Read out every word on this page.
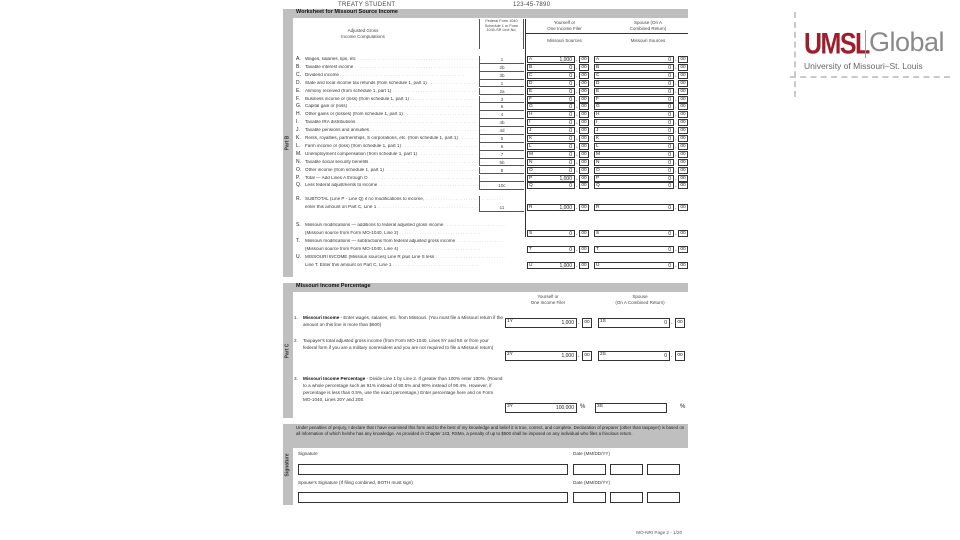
TREATY STUDENT	123-45-7890
Part B
Worksheet for Missouri Source Income
Adjusted Gross
Income Computations
Federal Form 1040 Schedule 1 or Form 1040-SR Line No.
Yourself or
One Income Filer
Spouse (On A
Combined Return)
Missouri Sources	Missouri Sources
A. Wages, salaries, tips, etc . . .	1	A	1,000 . 00	A	0 . 00
B. Taxable interest income . . .	2b	B	0 . 00	B	0 . 00
C. Dividend income . . .	3b	C	0 . 00	C	0 . 00
D. State and local income tax refunds (from schedule 1, part 1) . . .	1	D	0 . 00	D	0 . 00
E. Alimony received (from schedule 1, part 1) . . .	2a	E	0 . 00	E	0 . 00
F. Business income or (loss) (from schedule 1, part 1) . . .	3	F	0 . 00	F	0 . 00
G. Capital gain or (loss) . . .	6	G	0 . 00	G	0 . 00
H. Other gains or (losses) (from schedule 1, part 1) . . .	4	H	0 . 00	H	0 . 00
I. Taxable IRA distributions . . .	4b	I	0 . 00	I	0 . 00
J. Taxable pensions and annuities . . .	4d	J	0 . 00	J	0 . 00
K. Rents, royalties, partnerships, S corporations, etc. (from schedule 1, part 1) . . .	5	K	0 . 00	K	0 . 00
L. Farm income or (loss) (from schedule 1, part 1) . . .	6	L	0 . 00	L	0 . 00
M. Unemployment compensation (from schedule 1, part 1) . . .	7	M	0 . 00	M	0 . 00
N. Taxable social security benefits . . .	5b	N	0 . 00	N	0 . 00
O. Other income (from schedule 1, part 1) . . .	8	O	0 . 00	O	0 . 00
P. Total — Add Lines A through O . . .	P	1,000 . 00	P	0 . 00
Q. Less federal adjustments to income . . .	10c	Q	0 . 00	Q	0 . 00
R. SUBTOTAL (Line P - Line Q) if no modifications to income, . . .
enter this amount on Part C, Line 1 . . .	11	R	1,000 . 00	R	0 . 00
S. Missouri modifications — additions to federal adjusted gross income . . .
(Missouri source from Form MO-1040, Line 2) . . .	S	0 . 00	S	0 . 00
T. Missouri modifications — subtractions from federal adjusted gross income . . .
(Missouri source from Form MO-1040, Line 4) . . .	T	0 . 00	T	0 . 00
U. MISSOURI INCOME (Missouri sources) Line R plus Line S less . . .
Line T. Enter this amount on Part C, Line 1 . . .	U	1,000 . 00	U	0 . 00
Part C
Missouri Income Percentage
Yourself or
One Income Filer
Spouse
(On A Combined Return)
1. Missouri Income - Enter wages, salaries, etc. from Missouri. (You must file a Missouri return if the amount on this line is more than $600)
1Y	1,000 . 00	1S	0 . 00
2. Taxpayer's total adjusted gross income (from Form MO-1040, Lines 5Y and 5S or from your federal form if you are a military nonresident and you are not required to file a Missouri return)
2Y	1,000 . 00	2S	0 . 00
3. Missouri Income Percentage - Divide Line 1 by Line 2. If greater than 100% enter 100%. (Round to a whole percentage such as 91% instead of 90.5% and 90% instead of 90.4%. However, if percentage is less than 0.5%, use the exact percentage.) Enter percentage here and on Form MO-1040, Lines 20Y and 20S
3Y	100.000 % 3S	%
Signature
Under penalties of perjury, I declare that I have examined this form and to the best of my knowledge and belief it is true, correct, and complete. Declaration of preparer (other than taxpayer) is based on all information of which he/she has any knowledge. As provided in Chapter 143, RSMo, a penalty of up to $500 shall be imposed on any individual who files a frivolous return.
Signature	Date (MM/DD/YY)
Spouse's Signature (If filing combined, BOTH must sign)	Date (MM/DD/YY)
MO-NRI Page 2 - 1/20
UMSL Global
University of Missouri–St. Louis
